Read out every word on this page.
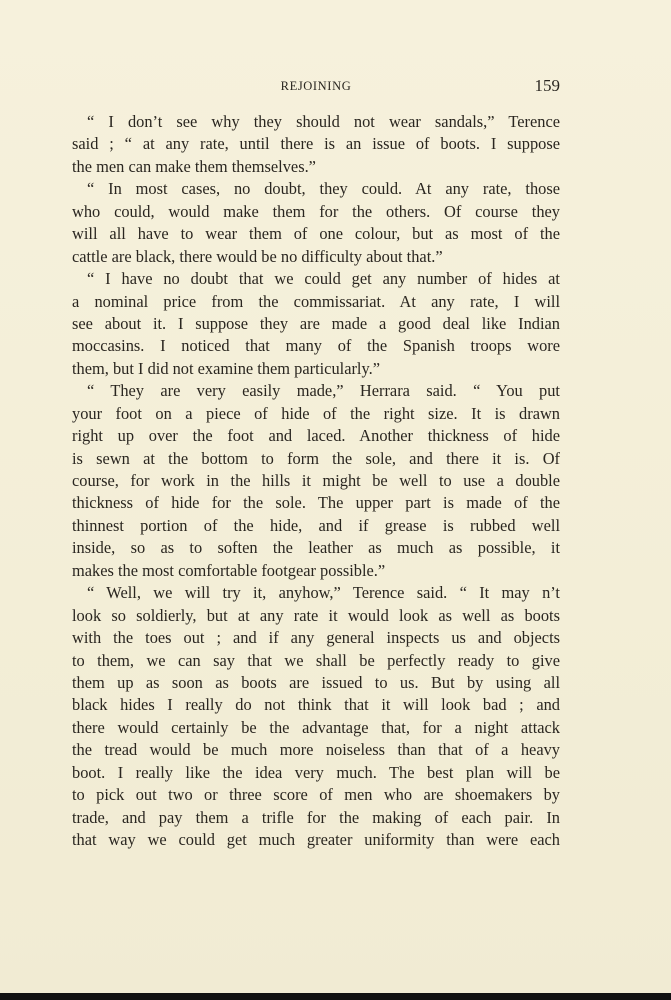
REJOINING	159
“ I don’t see why they should not wear sandals,” Terence
said ; “ at any rate, until there is an issue of boots. I suppose
the men can make them themselves.”
“ In most cases, no doubt, they could. At any rate, those
who could, would make them for the others. Of course they
will all have to wear them of one colour, but as most of the
cattle are black, there would be no difficulty about that.”
“ I have no doubt that we could get any number of hides at
a nominal price from the commissariat. At any rate, I will
see about it. I suppose they are made a good deal like Indian
moccasins. I noticed that many of the Spanish troops wore
them, but I did not examine them particularly.”
“ They are very easily made,” Herrara said. “ You put
your foot on a piece of hide of the right size. It is drawn
right up over the foot and laced. Another thickness of hide
is sewn at the bottom to form the sole, and there it is. Of
course, for work in the hills it might be well to use a double
thickness of hide for the sole. The upper part is made of the
thinnest portion of the hide, and if grease is rubbed well
inside, so as to soften the leather as much as possible, it
makes the most comfortable footgear possible.”
“ Well, we will try it, anyhow,” Terence said. “ It may n’t
look so soldierly, but at any rate it would look as well as boots
with the toes out ; and if any general inspects us and objects
to them, we can say that we shall be perfectly ready to give
them up as soon as boots are issued to us. But by using all
black hides I really do not think that it will look bad ; and
there would certainly be the advantage that, for a night attack
the tread would be much more noiseless than that of a heavy
boot. I really like the idea very much. The best plan will be
to pick out two or three score of men who are shoemakers by
trade, and pay them a trifle for the making of each pair. In
that way we could get much greater uniformity than were each
